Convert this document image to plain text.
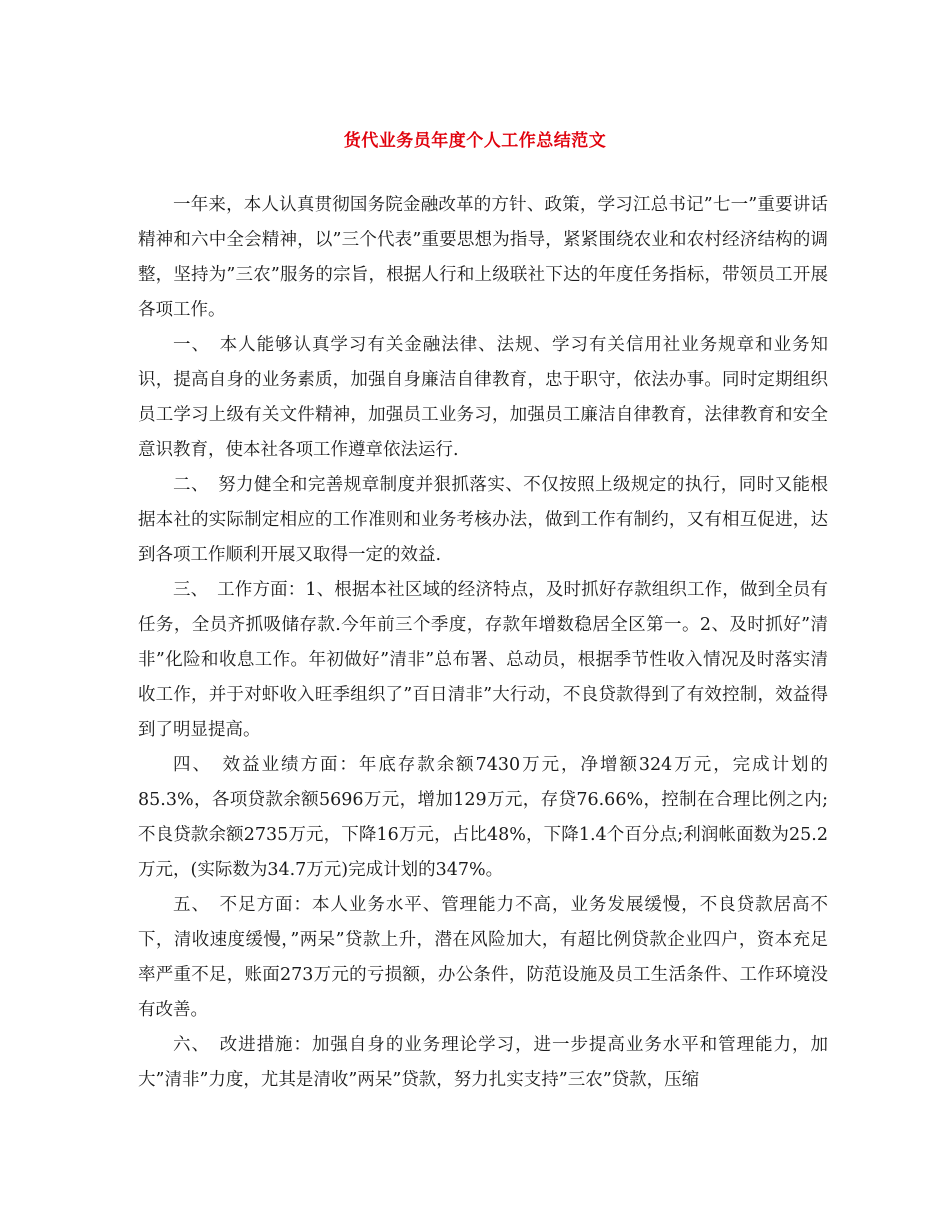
货代业务员年度个人工作总结范文

一年来，本人认真贯彻国务院金融改革的方针、政策，学习江总书记”七一”重要讲话精神和六中全会精神，以”三个代表”重要思想为指导，紧紧围绕农业和农村经济结构的调整，坚持为”三农”服务的宗旨，根据人行和上级联社下达的年度任务指标，带领员工开展各项工作。

一、　本人能够认真学习有关金融法律、法规、学习有关信用社业务规章和业务知识，提高自身的业务素质，加强自身廉洁自律教育，忠于职守，依法办事。同时定期组织员工学习上级有关文件精神，加强员工业务习，加强员工廉洁自律教育，法律教育和安全意识教育，使本社各项工作遵章依法运行.

二、　努力健全和完善规章制度并狠抓落实、不仅按照上级规定的执行，同时又能根据本社的实际制定相应的工作准则和业务考核办法，做到工作有制约，又有相互促进，达到各项工作顺利开展又取得一定的效益.

三、　工作方面：1、根据本社区域的经济特点，及时抓好存款组织工作，做到全员有任务，全员齐抓吸储存款.今年前三个季度，存款年增数稳居全区第一。2、及时抓好”清非”化险和收息工作。年初做好”清非”总布署、总动员，根据季节性收入情况及时落实清收工作，并于对虾收入旺季组织了”百日清非”大行动，不良贷款得到了有效控制，效益得到了明显提高。

四、　效益业绩方面：年底存款余额7430万元，净增额324万元，完成计划的85.3%，各项贷款余额5696万元，增加129万元，存贷76.66%，控制在合理比例之内;不良贷款余额2735万元，下降16万元，占比48%，下降1.4个百分点;利润帐面数为25.2万元，(实际数为34.7万元)完成计划的347%。

五、　不足方面：本人业务水平、管理能力不高，业务发展缓慢，不良贷款居高不下，清收速度缓慢，”两呆”贷款上升，潜在风险加大，有超比例贷款企业四户，资本充足率严重不足，账面273万元的亏损额，办公条件，防范设施及员工生活条件、工作环境没有改善。

六、　改进措施：加强自身的业务理论学习，进一步提高业务水平和管理能力，加大”清非”力度，尤其是清收”两呆”贷款，努力扎实支持”三农”贷款，压缩
